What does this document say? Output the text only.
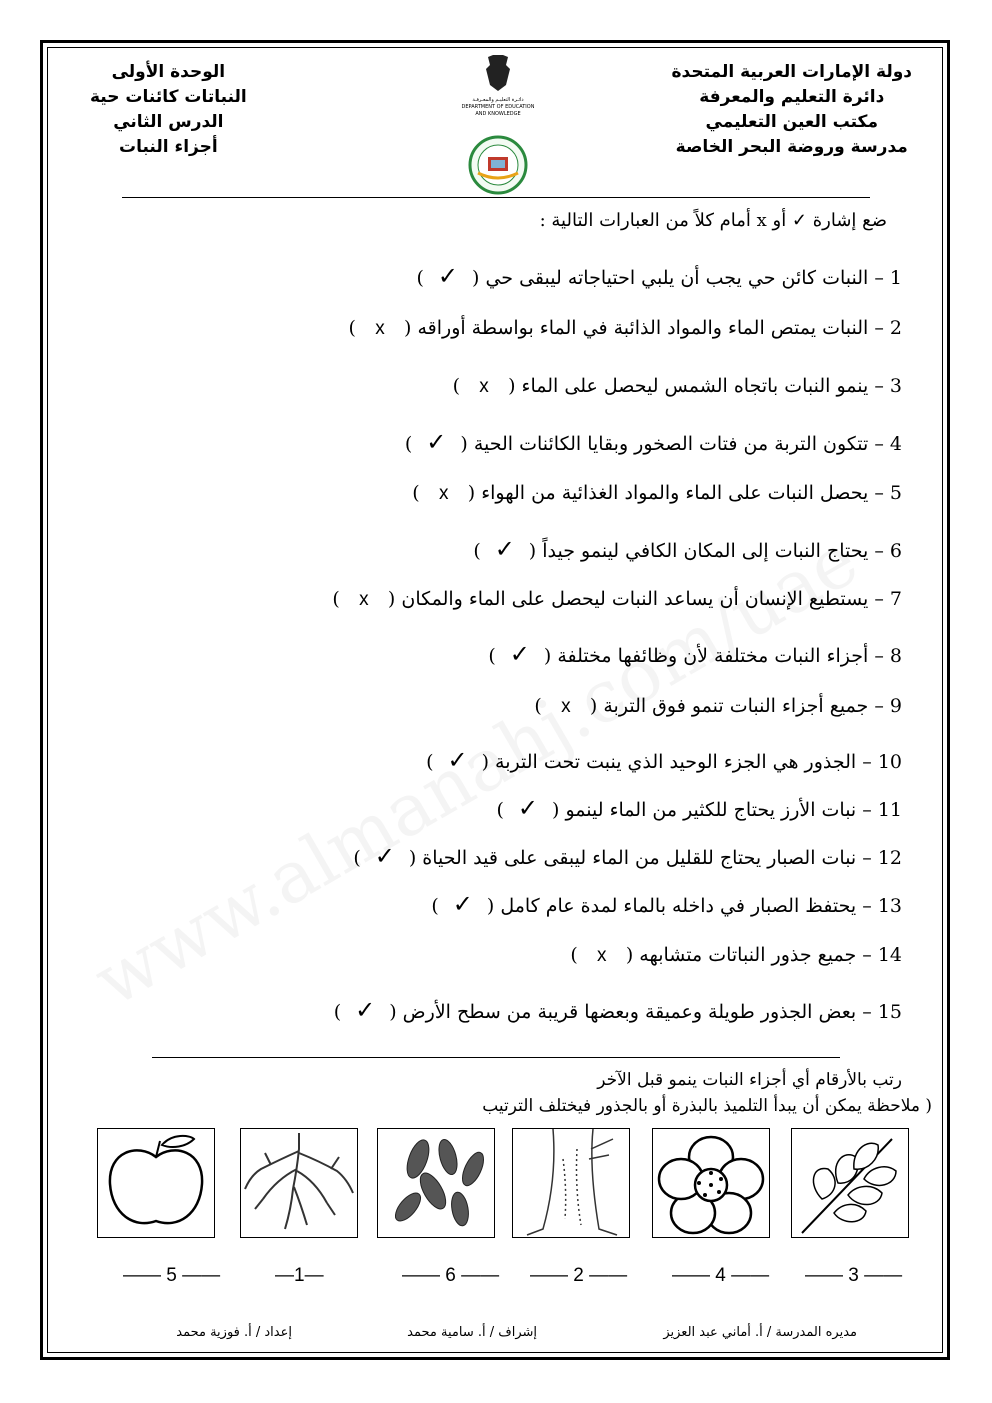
دولة الإمارات العربية المتحدة
دائرة التعليم والمعرفة
مكتب العين التعليمي
مدرسة وروضة البحر الخاصة
الوحدة الأولى
النباتات كائنات حية
الدرس الثاني
أجزاء النبات
دائـرة التعليـم والمعـرفـة
DEPARTMENT OF EDUCATION
AND KNOWLEDGE
ضع إشارة ✓ أو x أمام كلاً من العبارات التالية :
1 – النبات كائن حي يجب أن يلبي احتياجاته ليبقى حي ( ✓ )
2 – النبات يمتص الماء والمواد الذائبة في الماء بواسطة أوراقه ( x )
3 – ينمو النبات باتجاه الشمس ليحصل على الماء ( x )
4 – تتكون التربة من فتات الصخور وبقايا الكائنات الحية ( ✓ )
5 – يحصل النبات على الماء والمواد الغذائية من الهواء ( x )
6 – يحتاج النبات إلى المكان الكافي لينمو جيداً ( ✓ )
7 – يستطيع الإنسان أن يساعد النبات ليحصل على الماء والمكان ( x )
8 – أجزاء النبات مختلفة لأن وظائفها مختلفة ( ✓ )
9 – جميع أجزاء النبات تنمو فوق التربة ( x )
10 – الجذور هي الجزء الوحيد الذي ينبت تحت التربة ( ✓ )
11 – نبات الأرز يحتاج للكثير من الماء لينمو ( ✓ )
12 – نبات الصبار يحتاج للقليل من الماء ليبقى على قيد الحياة ( ✓ )
13 – يحتفظ الصبار في داخله بالماء لمدة عام كامل ( ✓ )
14 – جميع جذور النباتات متشابهه ( x )
15 – بعض الجذور طويلة وعميقة وبعضها قريبة من سطح الأرض ( ✓ )
رتب بالأرقام أي أجزاء النبات ينمو قبل الآخر
( ملاحظة يمكن أن يبدأ التلميذ بالبذرة أو بالجذور فيختلف الترتيب
—— 5 ——	—1—	—— 6 —— —— 2 —— —— 4 —— —— 3 ——
مديره المدرسة / أ. أماني عبد العزيز
إشراف / أ. سامية محمد
إعداد / أ. فوزية محمد
